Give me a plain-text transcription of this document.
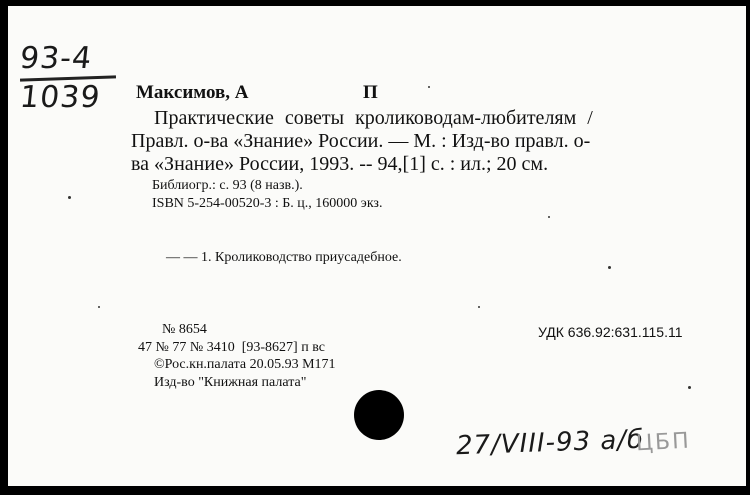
93-4
1039	Максимов, А	П
Практические советы кролиководам-любителям /
Правл. о-ва «Знание» России. — М. : Изд-во правл. о-
ва «Знание» России, 1993. -- 94,[1] с. : ил.; 20 см.
Библиогр.: с. 93 (8 назв.).
ISBN 5-254-00520-3 : Б. ц., 160000 экз.
— — 1. Кролиководство приусадебное.
№ 8654
47 № 77 № 3410  [93-8627] п вс
©Рос.кн.палата 20.05.93 М171
Изд-во "Книжная палата"
УДК 636.92:631.115.11
27/VIII-93 а/б
ЦБП
